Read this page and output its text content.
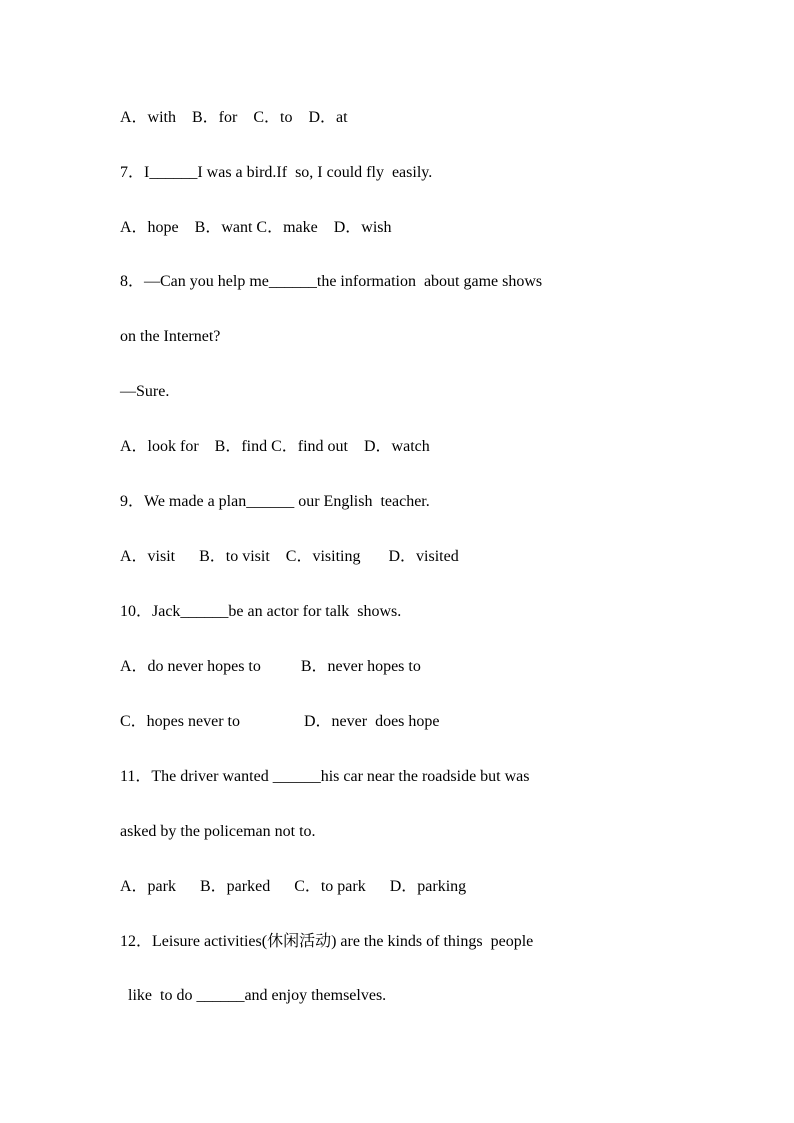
A．with    B．for    C．to    D．at
7．I______I was a bird.If  so, I could fly  easily.
A．hope    B．want C．make    D．wish
8．—Can you help me______the information  about game shows
on the Internet?
—Sure.
A．look for    B．find C．find out    D．watch
9．We made a plan______ our English  teacher.
A．visit      B．to visit    C．visiting       D．visited
10．Jack______be an actor for talk  shows.
A．do never hopes to          B．never hopes to
C．hopes never to                D．never  does hope
11．The driver wanted ______his car near the roadside but was
asked by the policeman not to.
A．park      B．parked      C．to park      D．parking
12．Leisure activities(休闲活动) are the kinds of things  people
like  to do ______and enjoy themselves.
